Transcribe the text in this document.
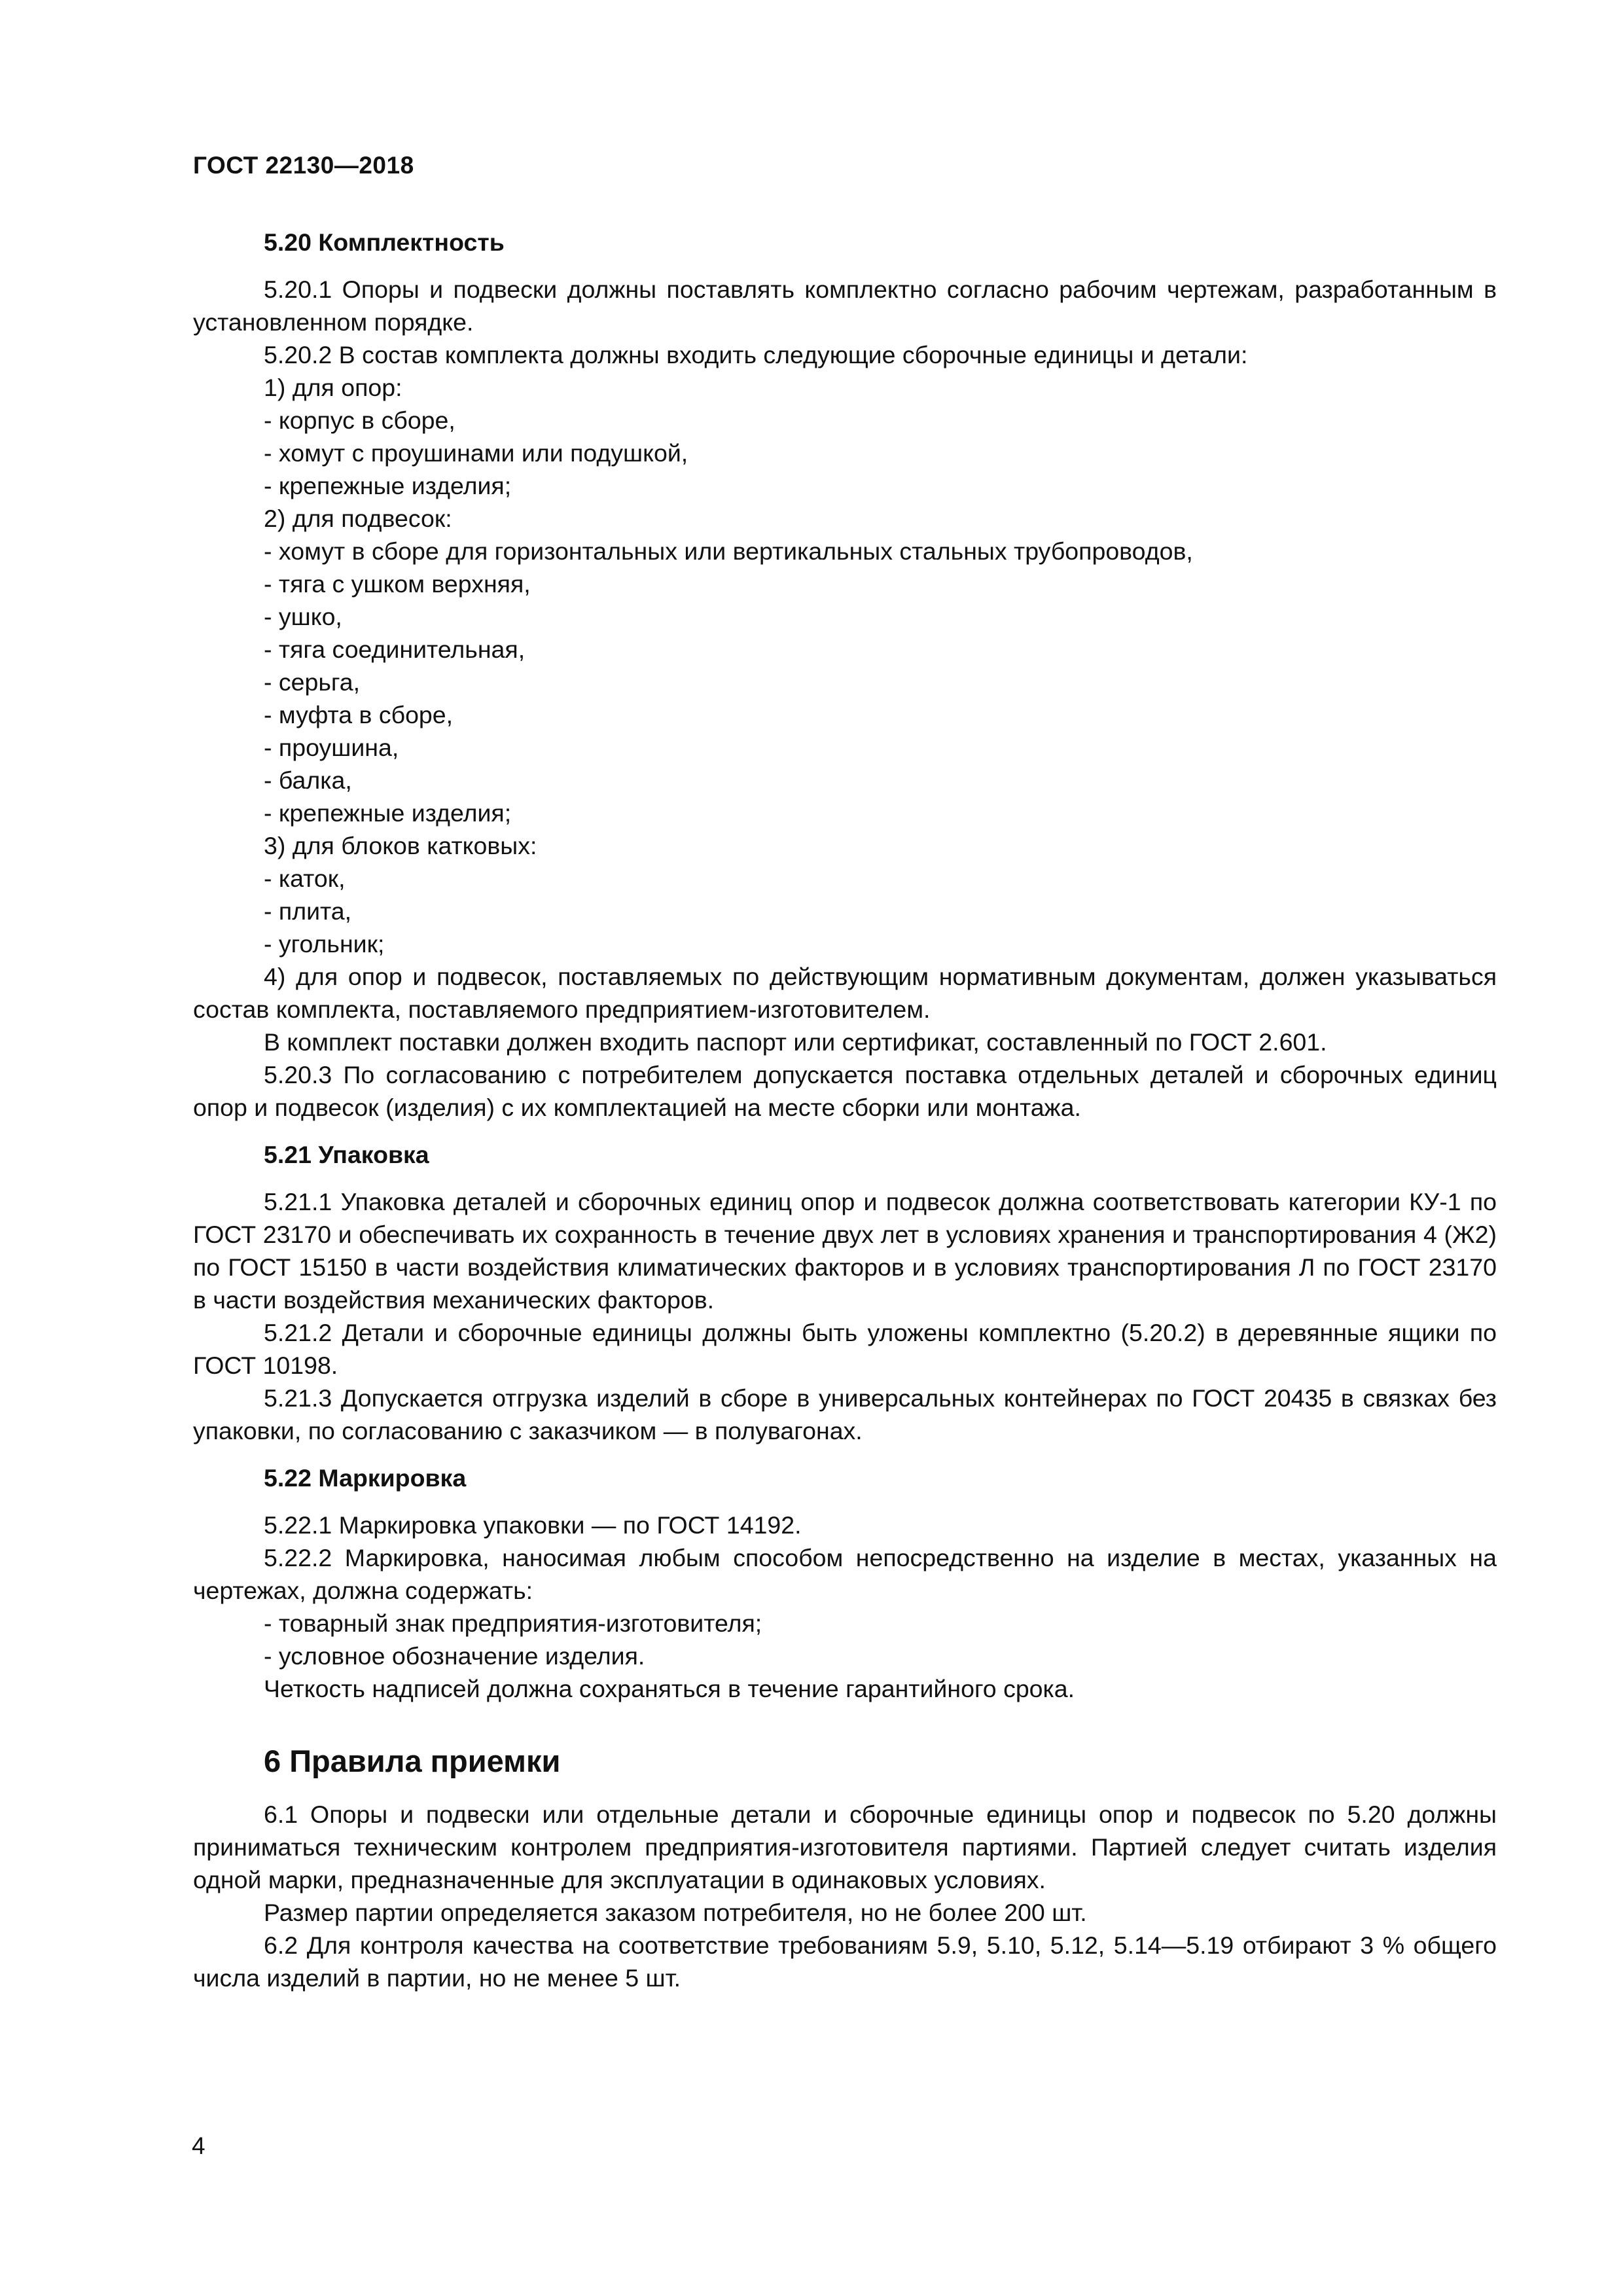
ГОСТ 22130—2018

5.20 Комплектность

5.20.1 Опоры и подвески должны поставлять комплектно согласно рабочим чертежам, разработанным в установленном порядке.

5.20.2 В состав комплекта должны входить следующие сборочные единицы и детали:

1) для опор:

- корпус в сборе,

- хомут с проушинами или подушкой,

- крепежные изделия;

2) для подвесок:

- хомут в сборе для горизонтальных или вертикальных стальных трубопроводов,

- тяга с ушком верхняя,

- ушко,

- тяга соединительная,

- серьга,

- муфта в сборе,

- проушина,

- балка,

- крепежные изделия;

3) для блоков катковых:

- каток,

- плита,

- угольник;

4) для опор и подвесок, поставляемых по действующим нормативным документам, должен указываться состав комплекта, поставляемого предприятием-изготовителем.

В комплект поставки должен входить паспорт или сертификат, составленный по ГОСТ 2.601.

5.20.3 По согласованию с потребителем допускается поставка отдельных деталей и сборочных единиц опор и подвесок (изделия) с их комплектацией на месте сборки или монтажа.

5.21 Упаковка

5.21.1 Упаковка деталей и сборочных единиц опор и подвесок должна соответствовать категории КУ-1 по ГОСТ 23170 и обеспечивать их сохранность в течение двух лет в условиях хранения и транспортирования 4 (Ж2) по ГОСТ 15150 в части воздействия климатических факторов и в условиях транспортирования Л по ГОСТ 23170 в части воздействия механических факторов.

5.21.2 Детали и сборочные единицы должны быть уложены комплектно (5.20.2) в деревянные ящики по ГОСТ 10198.

5.21.3 Допускается отгрузка изделий в сборе в универсальных контейнерах по ГОСТ 20435 в связках без упаковки, по согласованию с заказчиком — в полувагонах.

5.22 Маркировка

5.22.1 Маркировка упаковки — по ГОСТ 14192.

5.22.2 Маркировка, наносимая любым способом непосредственно на изделие в местах, указанных на чертежах, должна содержать:

- товарный знак предприятия-изготовителя;

- условное обозначение изделия.

Четкость надписей должна сохраняться в течение гарантийного срока.

6 Правила приемки

6.1 Опоры и подвески или отдельные детали и сборочные единицы опор и подвесок по 5.20 должны приниматься техническим контролем предприятия-изготовителя партиями. Партией следует считать изделия одной марки, предназначенные для эксплуатации в одинаковых условиях.

Размер партии определяется заказом потребителя, но не более 200 шт.

6.2 Для контроля качества на соответствие требованиям 5.9, 5.10, 5.12, 5.14—5.19 отбирают 3 % общего числа изделий в партии, но не менее 5 шт.

4
